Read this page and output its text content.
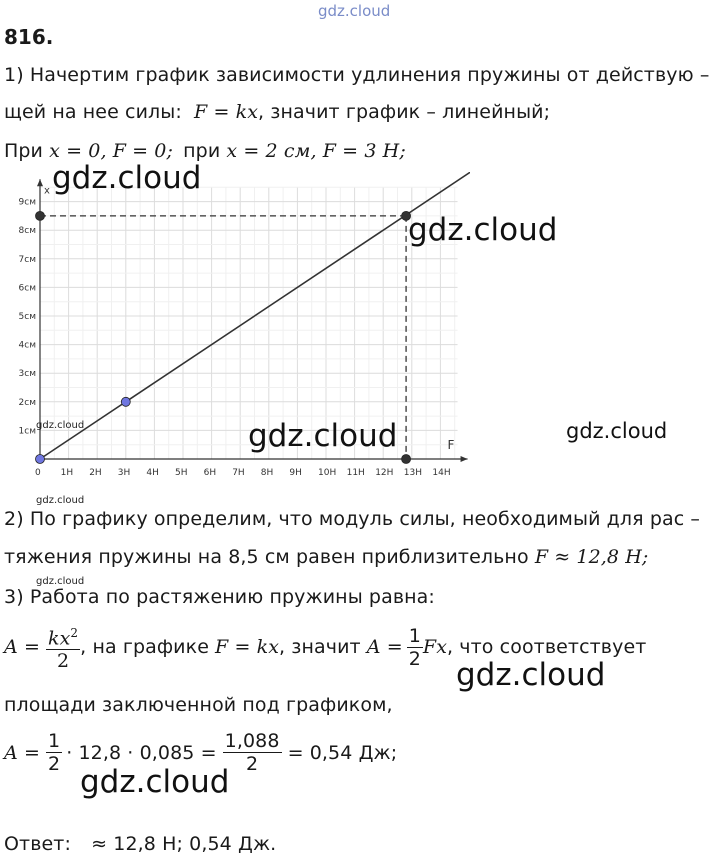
gdz.cloud
816.
1) Начертим график зависимости удлинения пружины от действую –
щей на нее силы: F = kx, значит график – линейный;
При x = 0, F = 0; при x = 2 см, F = 3 Н;
F
x
0 1Н 2Н 3Н 4Н 5Н 6Н 7Н 8Н 9Н 10Н 11Н 12Н 13Н 14Н
1см
2см
3см
4см
5см
6см
7см
8см
9см
gdz.cloud
gdz.cloud
gdz.cloud	gdz.cloud
gdz.cloud
gdz.cloud
2) По графику определим, что модуль силы, необходимый для рас –
тяжения пружины на 8,5 см равен приблизительно F ≈ 12,8 Н;
gdz.cloud
3) Работа по растяжению пружины равна:
$A = \frac{kx^2}{2}$ , на графике F = kx , значит $A = \frac{1}{2}$ Fx , что соответствует
gdz.cloud
площади заключенной под графиком,
$A = \frac{1}{2} \cdot 12,8 \cdot 0,085 = \frac{1,088}{2} = 0,54$ Дж;
gdz.cloud
Ответ: ≈ 12,8 Н; 0,54 Дж.
